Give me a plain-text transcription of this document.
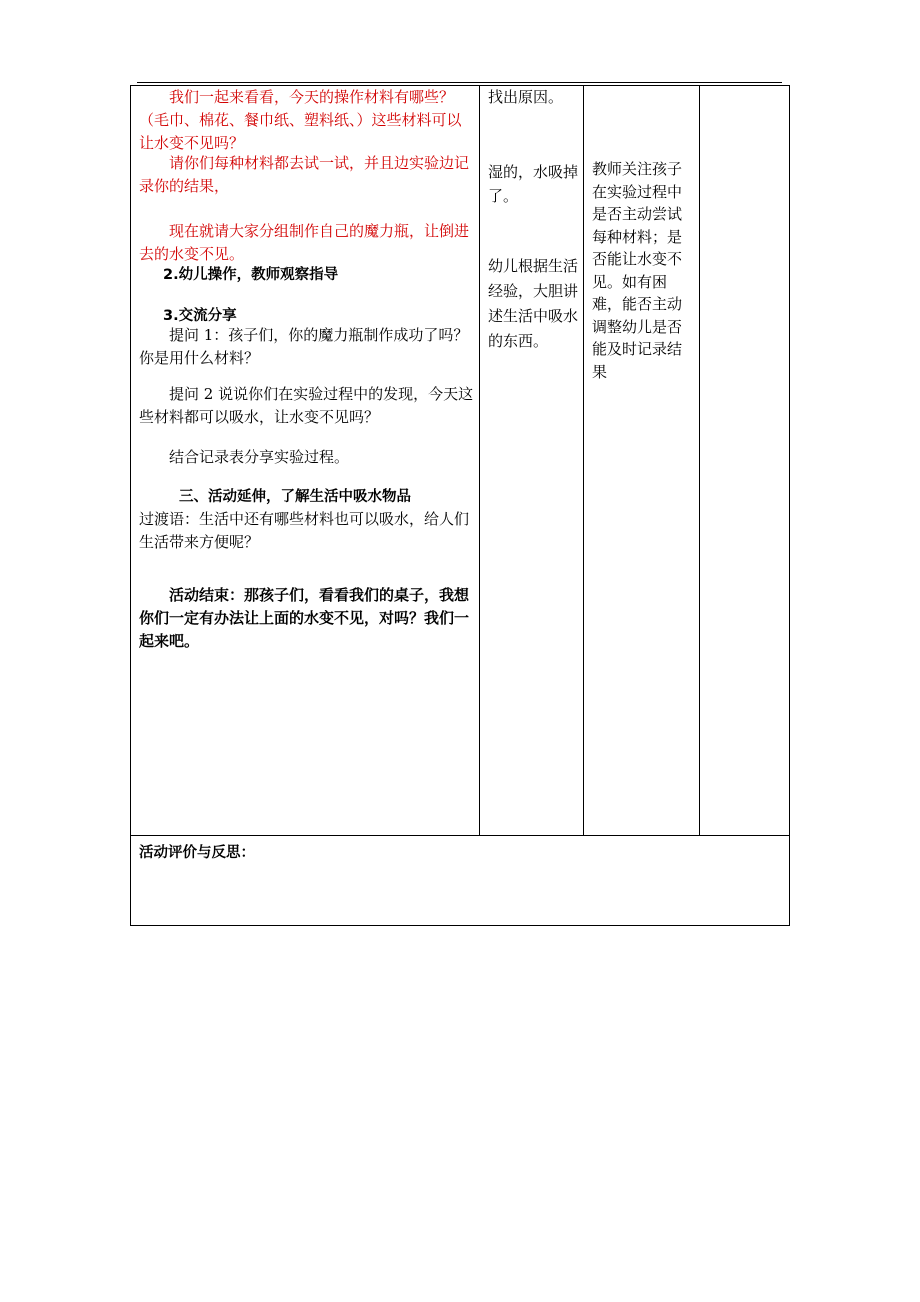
我们一起来看看，今天的操作材料有哪些？（毛巾、棉花、餐巾纸、塑料纸、）这些材料可以让水变不见吗？

请你们每种材料都去试一试，并且边实验边记录你的结果，

现在就请大家分组制作自己的魔力瓶，让倒进去的水变不见。

2.幼儿操作，教师观察指导

3.交流分享

提问 1：孩子们，你的魔力瓶制作成功了吗？你是用什么材料？

提问 2 说说你们在实验过程中的发现，今天这些材料都可以吸水，让水变不见吗？

结合记录表分享实验过程。

三、活动延伸，了解生活中吸水物品

过渡语：生活中还有哪些材料也可以吸水，给人们生活带来方便呢？

活动结束：那孩子们，看看我们的桌子，我想你们一定有办法让上面的水变不见，对吗？我们一起来吧。

找出原因。

湿的，水吸掉了。

幼儿根据生活经验，大胆讲述生活中吸水的东西。

教师关注孩子在实验过程中是否主动尝试每种材料；是否能让水变不见。如有困难，能否主动调整幼儿是否能及时记录结果

活动评价与反思：
